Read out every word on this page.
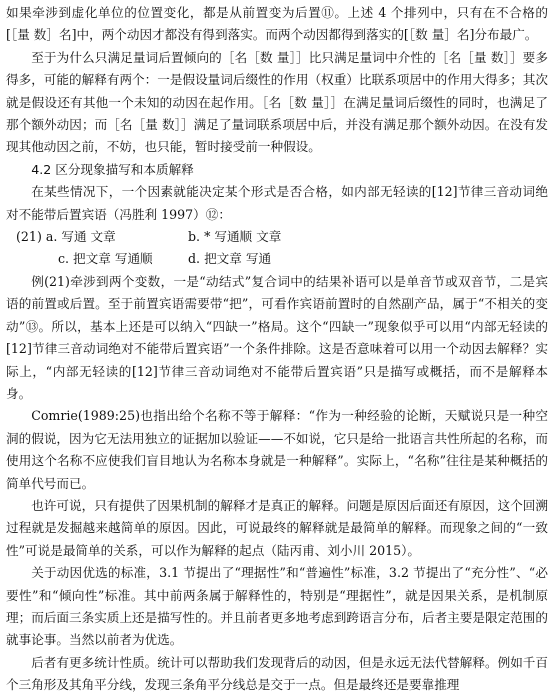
如果牵涉到虚化单位的位置变化，都是从前置变为后置⑪。上述 4 个排列中，只有在不合格的[［量 数］名]中，两个动因才都没有得到落实。而两个动因都得到落实的[［数 量］名]分布最广。

至于为什么只满足量词后置倾向的［名［数 量］］比只满足量词中介性的［名［量 数］］要多得多，可能的解释有两个：一是假设量词后缀性的作用（权重）比联系项居中的作用大得多；其次就是假设还有其他一个未知的动因在起作用。［名［数 量］］在满足量词后缀性的同时，也满足了那个额外动因；而［名［量 数］］满足了量词联系项居中后，并没有满足那个额外动因。在没有发现其他动因之前，不妨，也只能，暂时接受前一种假设。

4.2 区分现象描写和本质解释

在某些情况下，一个因素就能决定某个形式是否合格，如内部无轻读的[12]节律三音动词绝对不能带后置宾语（冯胜利 1997）⑫：

(21) a. 写通 文章	b. * 写通顺 文章
c. 把文章 写通顺	d. 把文章 写通

例(21)牵涉到两个变数，一是“动结式”复合词中的结果补语可以是单音节或双音节，二是宾语的前置或后置。至于前置宾语需要带“把”，可看作宾语前置时的自然副产品，属于“不相关的变动”⑬。所以，基本上还是可以纳入“四缺一”格局。这个“四缺一”现象似乎可以用“内部无轻读的[12]节律三音动词绝对不能带后置宾语”一个条件排除。这是否意味着可以用一个动因去解释？实际上，“内部无轻读的[12]节律三音动词绝对不能带后置宾语”只是描写或概括，而不是解释本身。

Comrie(1989:25)也指出给个名称不等于解释：“作为一种经验的论断，天赋说只是一种空洞的假说，因为它无法用独立的证据加以验证——不如说，它只是给一批语言共性所起的名称，而使用这个名称不应使我们盲目地认为名称本身就是一种解释”。实际上，“名称”往往是某种概括的简单代号而已。

也许可说，只有提供了因果机制的解释才是真正的解释。问题是原因后面还有原因，这个回溯过程就是发掘越来越简单的原因。因此，可说最终的解释就是最简单的解释。而现象之间的“一致性”可说是最简单的关系，可以作为解释的起点（陆丙甫、刘小川 2015）。

关于动因优选的标准，3.1 节提出了“理据性”和“普遍性”标准，3.2 节提出了“充分性”、“必要性”和“倾向性”标准。其中前两条属于解释性的，特别是“理据性”，就是因果关系，是机制原理；而后面三条实质上还是描写性的。并且前者更多地考虑到跨语言分布，后者主要是限定范围的就事论事。当然以前者为优选。

后者有更多统计性质。统计可以帮助我们发现背后的动因，但是永远无法代替解释。例如千百个三角形及其角平分线，发现三条角平分线总是交于一点。但是最终还是要靠推理
